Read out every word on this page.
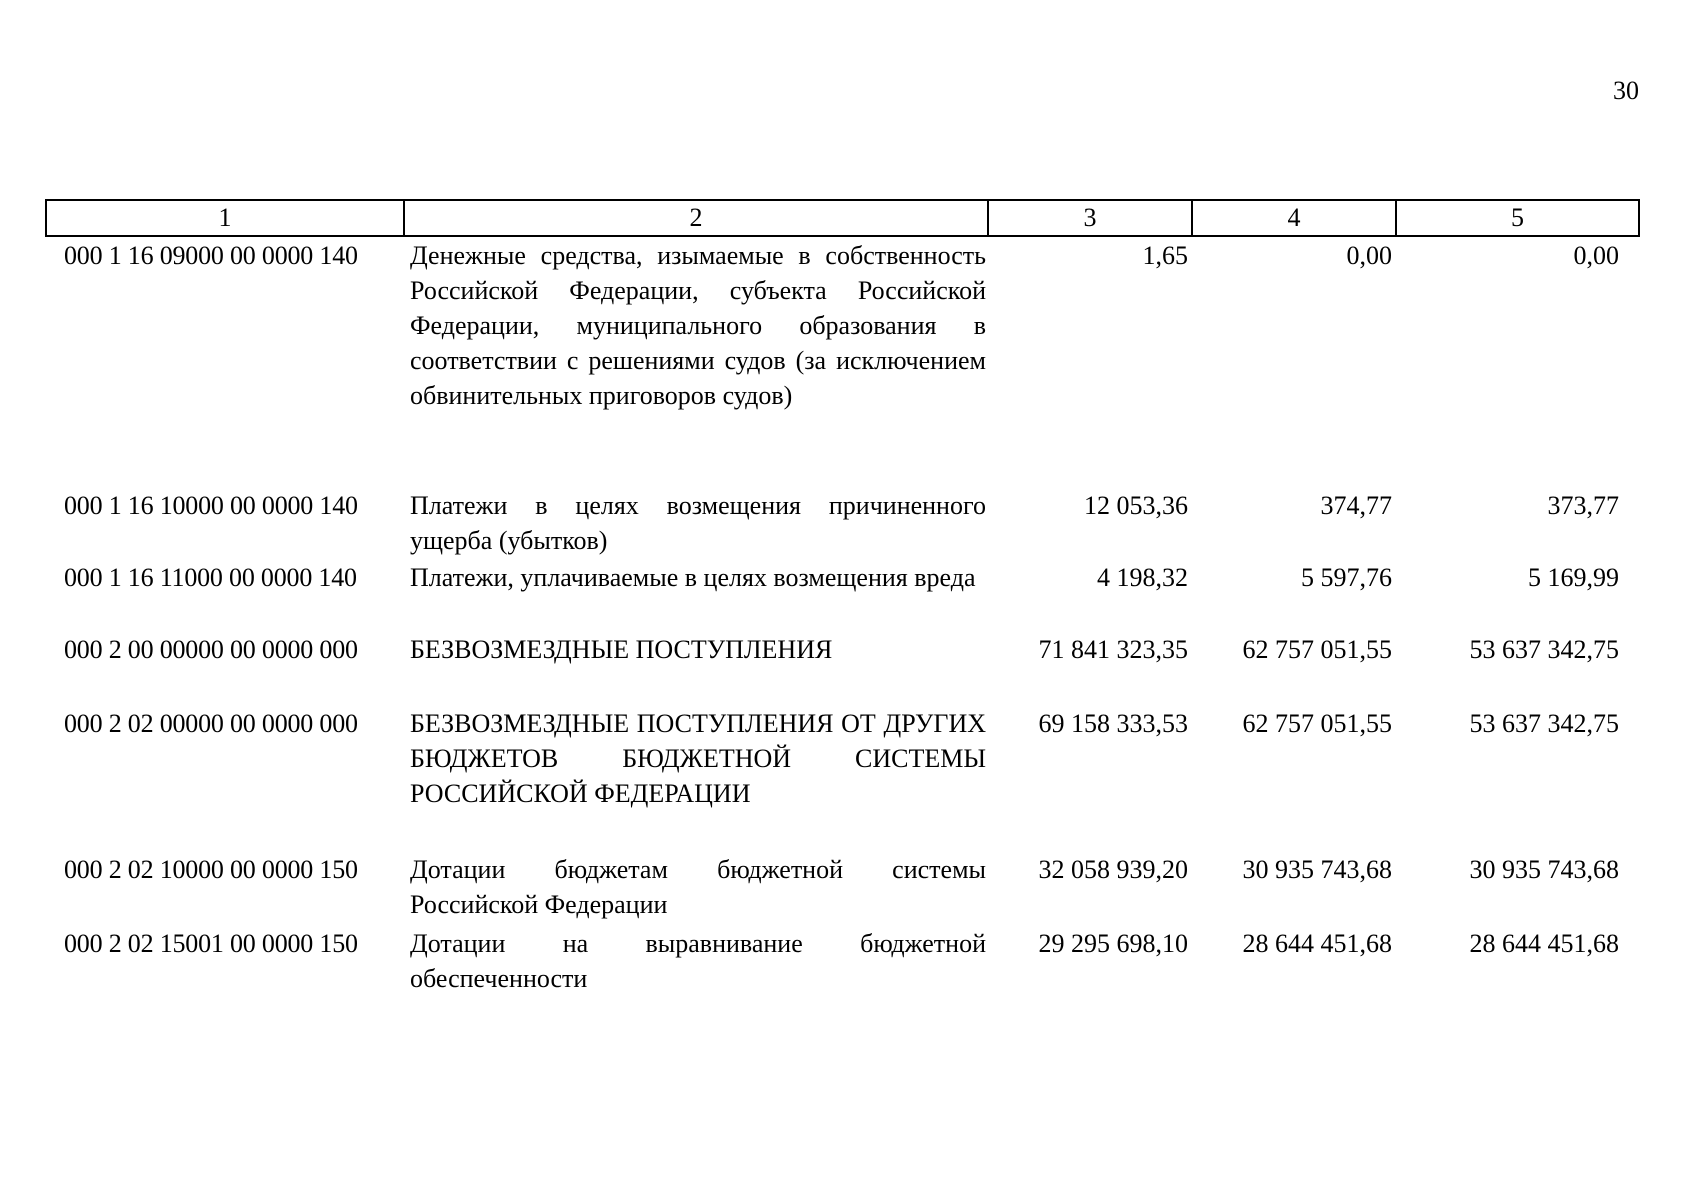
30
1	2	3	4	5
000 1 16 09000 00 0000 140	Денежные средства, изымаемые в собственность Российской Федерации, субъекта Российской Федерации, муниципального образования в соответствии с решениями судов (за исключением обвинительных приговоров судов)	1,65	0,00	0,00
000 1 16 10000 00 0000 140	Платежи в целях возмещения причиненного ущерба (убытков)	12 053,36	374,77	373,77
000 1 16 11000 00 0000 140	Платежи, уплачиваемые в целях возмещения вреда	4 198,32	5 597,76	5 169,99
000 2 00 00000 00 0000 000	БЕЗВОЗМЕЗДНЫЕ ПОСТУПЛЕНИЯ	71 841 323,35	62 757 051,55	53 637 342,75
000 2 02 00000 00 0000 000	БЕЗВОЗМЕЗДНЫЕ ПОСТУПЛЕНИЯ ОТ ДРУГИХ БЮДЖЕТОВ БЮДЖЕТНОЙ СИСТЕМЫ РОССИЙСКОЙ ФЕДЕРАЦИИ	69 158 333,53	62 757 051,55	53 637 342,75
000 2 02 10000 00 0000 150	Дотации бюджетам бюджетной системы Российской Федерации	32 058 939,20	30 935 743,68	30 935 743,68
000 2 02 15001 00 0000 150	Дотации на выравнивание бюджетной обеспеченности	29 295 698,10	28 644 451,68	28 644 451,68
